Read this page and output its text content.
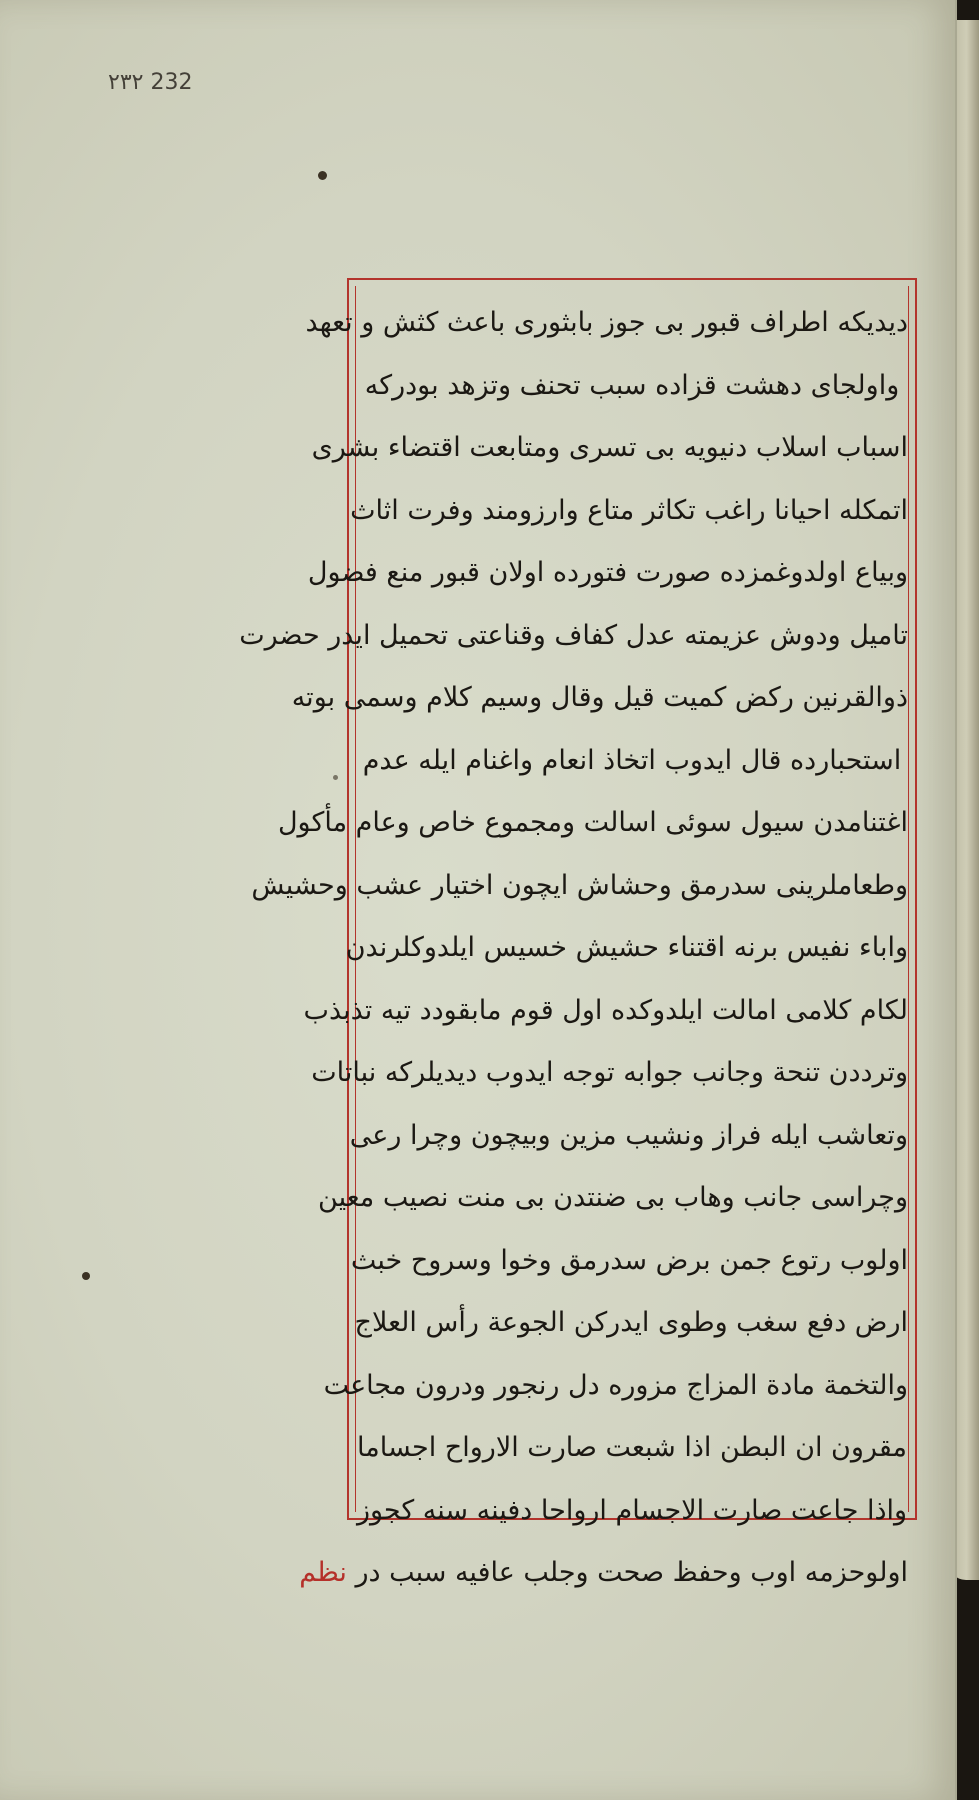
٢٣٢ 232
دیدیکه اطراف قبور بی جوز بابثوری باعث کثش و تعهد
واولجای دهشت قزاده سبب تحنف وتزهد بودرکه
اسباب اسلاب دنیویه بی تسری ومتابعت اقتضاء بشری
اتمکله احیانا راغب تکاثر متاع وارزومند وفرت اثاث
وبیاع اولدوغمزده صورت فتورده اولان قبور منع فضول
تامیل ودوش عزیمته عدل کفاف وقناعتی تحمیل ایدر حضرت
ذوالقرنین رکض کمیت قیل وقال وسیم کلام وسمی بوته
استحبارده قال ایدوب اتخاذ انعام واغنام ایله عدم
اغتنامدن سیول سوئی اسالت ومجموع خاص وعام مأکول
وطعاملرینی سدرمق وحشاش ایچون اختیار عشب وحشیش
واباء نفیس برنه اقتناء حشیش خسیس ایلدوکلرندن
لکام کلامی امالت ایلدوکده اول قوم مابقودد تیه تذبذب
وترددن تنحة وجانب جوابه توجه ایدوب دیدیلرکه نباتات
وتعاشب ایله فراز ونشیب مزین وبیچون وچرا رعی
وچراسی جانب وهاب بی ضنتدن بی منت نصیب معین
اولوب رتوع جمن برض سدرمق وخوا وسروح خبث
ارض دفع سغب وطوی ایدرکن الجوعة رأس العلاج
والتخمة مادة المزاج مزوره دل رنجور ودرون مجاعت
مقرون ان البطن اذا شبعت صارت الارواح اجساما
واذا جاعت صارت الاجسام ارواحا دفینه سنه کجوز
اولوحزمه اوب وحفظ صحت وجلب عافیه سبب در نظم
